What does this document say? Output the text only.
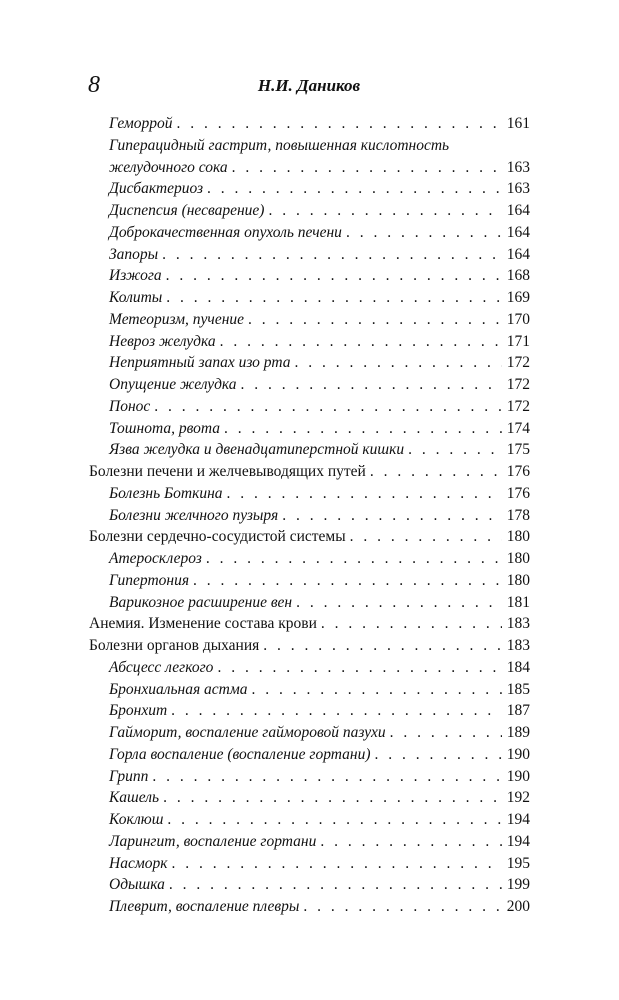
8	Н.И. Даников
Геморрой . . .	161
Гиперацидный гастрит, повышенная кислотность
желудочного сока . . .	163
Дисбактериоз . . .	163
Диспепсия (несварение) . . .	164
Доброкачественная опухоль печени . . .	164
Запоры . . .	164
Изжога . . .	168
Колиты . . .	169
Метеоризм, пучение . . .	170
Невроз желудка . . .	171
Неприятный запах изо рта . . .	172
Опущение желудка . . .	172
Понос . . .	172
Тошнота, рвота . . .	174
Язва желудка и двенадцатиперстной кишки . . .	175
Болезни печени и желчевыводящих путей . . .	176
Болезнь Боткина . . .	176
Болезни желчного пузыря . . .	178
Болезни сердечно-сосудистой системы . . .	180
Атеросклероз . . .	180
Гипертония . . .	180
Варикозное расширение вен . . .	181
Анемия. Изменение состава крови . . .	183
Болезни органов дыхания . . .	183
Абсцесс легкого . . .	184
Бронхиальная астма . . .	185
Бронхит . . .	187
Гайморит, воспаление гайморовой пазухи . . .	189
Горла воспаление (воспаление гортани) . . .	190
Грипп . . .	190
Кашель . . .	192
Коклюш . . .	194
Ларингит, воспаление гортани . . .	194
Насморк . . .	195
Одышка . . .	199
Плеврит, воспаление плевры . . .	200
